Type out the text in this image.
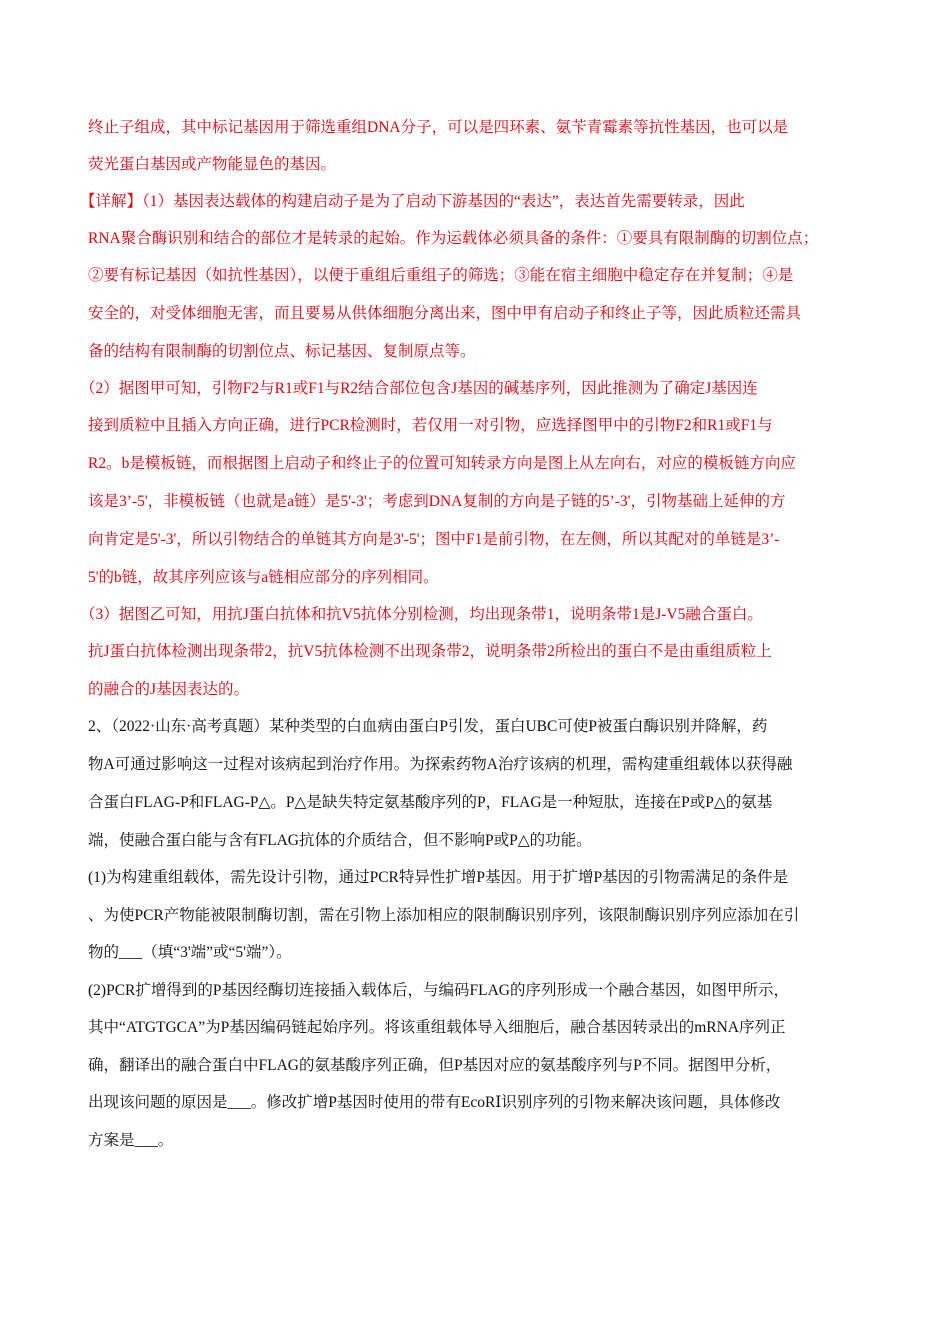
终止子组成，其中标记基因用于筛选重组DNA分子，可以是四环素、氨苄青霉素等抗性基因，也可以是
荧光蛋白基因或产物能显色的基因。
【详解】（1）基因表达载体的构建启动子是为了启动下游基因的“表达”，表达首先需要转录，因此
RNA聚合酶识别和结合的部位才是转录的起始。作为运载体必须具备的条件：①要具有限制酶的切割位点；
②要有标记基因（如抗性基因），以便于重组后重组子的筛选；③能在宿主细胞中稳定存在并复制；④是
安全的，对受体细胞无害，而且要易从供体细胞分离出来，图中甲有启动子和终止子等，因此质粒还需具
备的结构有限制酶的切割位点、标记基因、复制原点等。
（2）据图甲可知，引物F2与R1或F1与R2结合部位包含J基因的碱基序列，因此推测为了确定J基因连
接到质粒中且插入方向正确，进行PCR检测时，若仅用一对引物，应选择图甲中的引物F2和R1或F1与
R2。b是模板链，而根据图上启动子和终止子的位置可知转录方向是图上从左向右，对应的模板链方向应
该是3’-5'，非模板链（也就是a链）是5'-3'；考虑到DNA复制的方向是子链的5’-3'，引物基础上延伸的方
向肯定是5'-3'，所以引物结合的单链其方向是3'-5'；图中F1是前引物，在左侧，所以其配对的单链是3’-
5'的b链，故其序列应该与a链相应部分的序列相同。
（3）据图乙可知，用抗J蛋白抗体和抗V5抗体分别检测，均出现条带1，说明条带1是J-V5融合蛋白。
抗J蛋白抗体检测出现条带2，抗V5抗体检测不出现条带2，说明条带2所检出的蛋白不是由重组质粒上
的融合的J基因表达的。
2、（2022·山东·高考真题）某种类型的白血病由蛋白P引发，蛋白UBC可使P被蛋白酶识别并降解，药
物A可通过影响这一过程对该病起到治疗作用。为探索药物A治疗该病的机理，需构建重组载体以获得融
合蛋白FLAG-P和FLAG-P△。P△是缺失特定氨基酸序列的P，FLAG是一种短肽，连接在P或P△的氨基
端，使融合蛋白能与含有FLAG抗体的介质结合，但不影响P或P△的功能。
(1)为构建重组载体，需先设计引物，通过PCR特异性扩增P基因。用于扩增P基因的引物需满足的条件是
、为使PCR产物能被限制酶切割，需在引物上添加相应的限制酶识别序列，该限制酶识别序列应添加在引
物的___（填“3'端”或“5'端”）。
(2)PCR扩增得到的P基因经酶切连接插入载体后，与编码FLAG的序列形成一个融合基因，如图甲所示，
其中“ATGTGCA”为P基因编码链起始序列。将该重组载体导入细胞后，融合基因转录出的mRNA序列正
确，翻译出的融合蛋白中FLAG的氨基酸序列正确，但P基因对应的氨基酸序列与P不同。据图甲分析，
出现该问题的原因是___。修改扩增P基因时使用的带有EcoRⅠ识别序列的引物来解决该问题，具体修改
方案是___。
